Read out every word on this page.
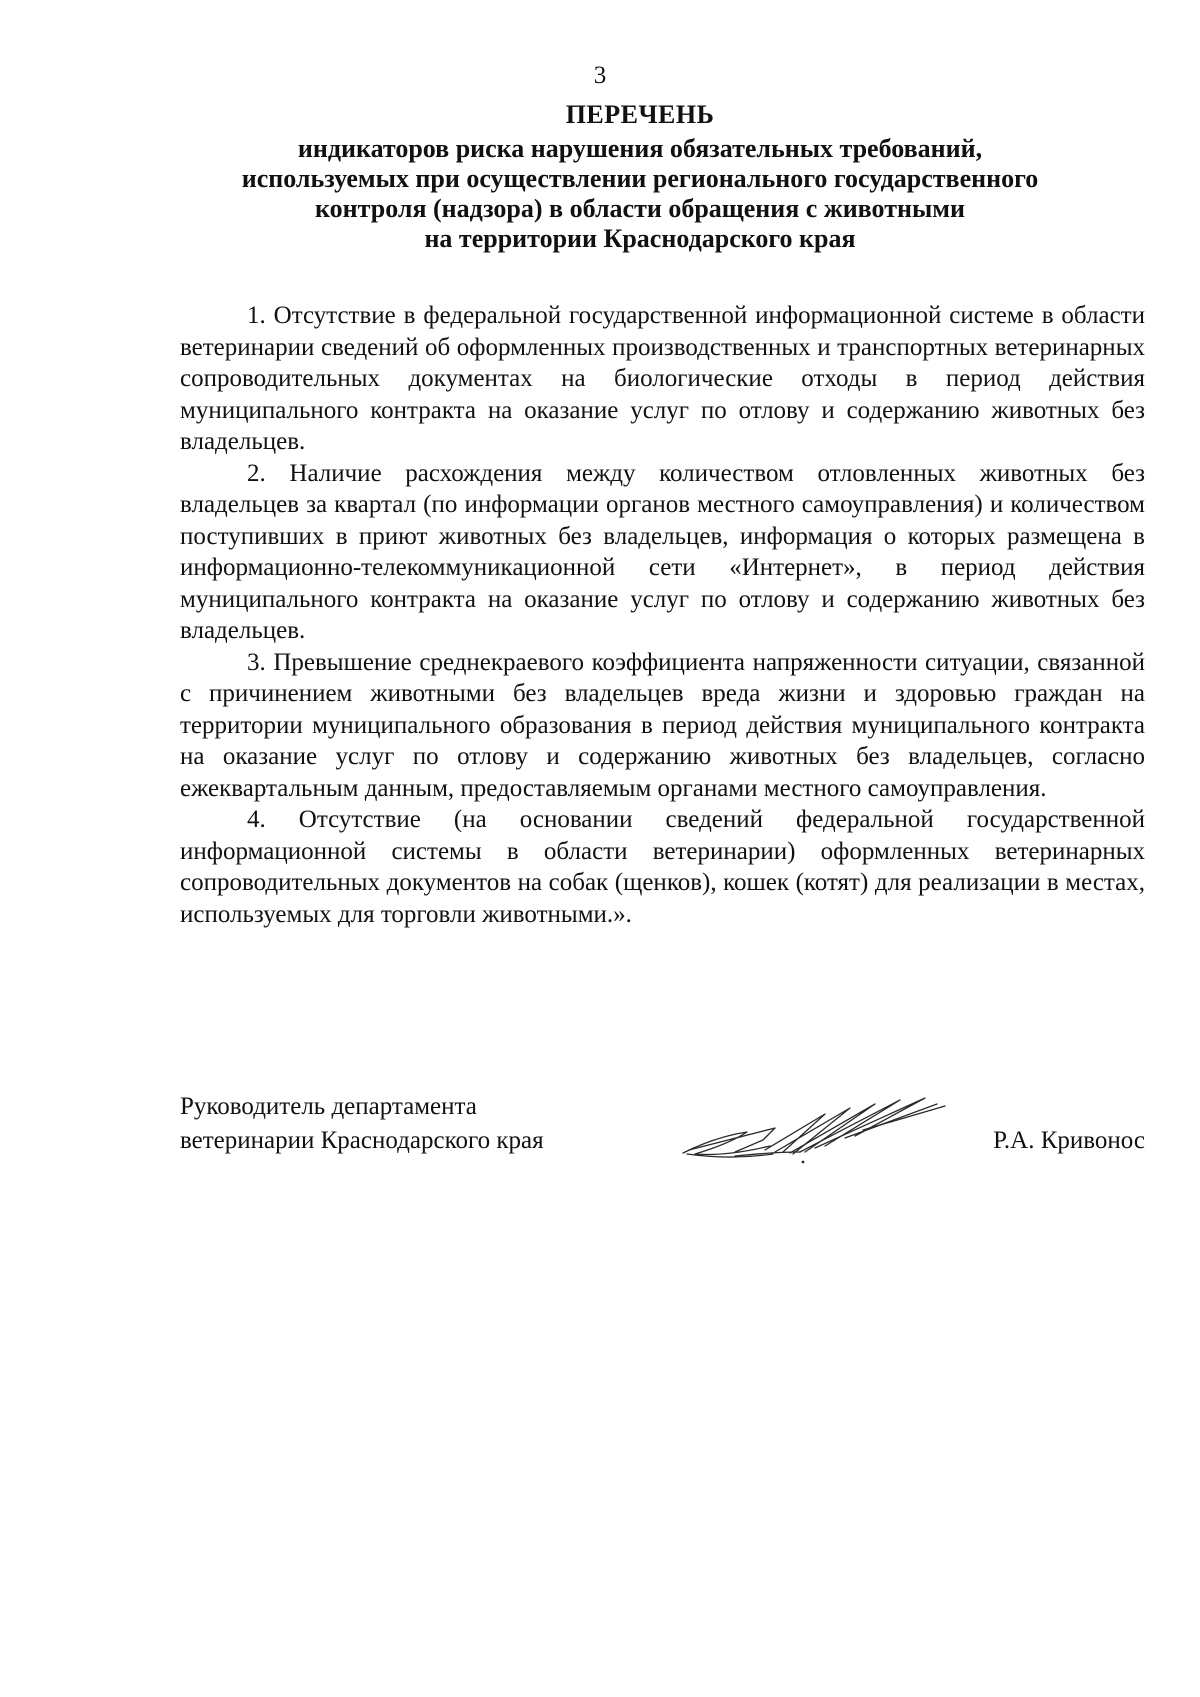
3
ПЕРЕЧЕНЬ
индикаторов риска нарушения обязательных требований,
используемых при осуществлении регионального государственного
контроля (надзора) в области обращения с животными
на территории Краснодарского края

1. Отсутствие в федеральной государственной информационной системе в области ветеринарии сведений об оформленных производственных и транспортных ветеринарных сопроводительных документах на биологические отходы в период действия муниципального контракта на оказание услуг по отлову и содержанию животных без владельцев.

2. Наличие расхождения между количеством отловленных животных без владельцев за квартал (по информации органов местного самоуправления) и количеством поступивших в приют животных без владельцев, информация о которых размещена в информационно-телекоммуникационной сети «Интернет», в период действия муниципального контракта на оказание услуг по отлову и содержанию животных без владельцев.

3. Превышение среднекраевого коэффициента напряженности ситуации, связанной с причинением животными без владельцев вреда жизни и здоровью граждан на территории муниципального образования в период действия муниципального контракта на оказание услуг по отлову и содержанию животных без владельцев, согласно ежеквартальным данным, предоставляемым органами местного самоуправления.

4. Отсутствие (на основании сведений федеральной государственной информационной системы в области ветеринарии) оформленных ветеринарных сопроводительных документов на собак (щенков), кошек (котят) для реализации в местах, используемых для торговли животными.».

Руководитель департамента
ветеринарии Краснодарского края	Р.А. Кривонос
